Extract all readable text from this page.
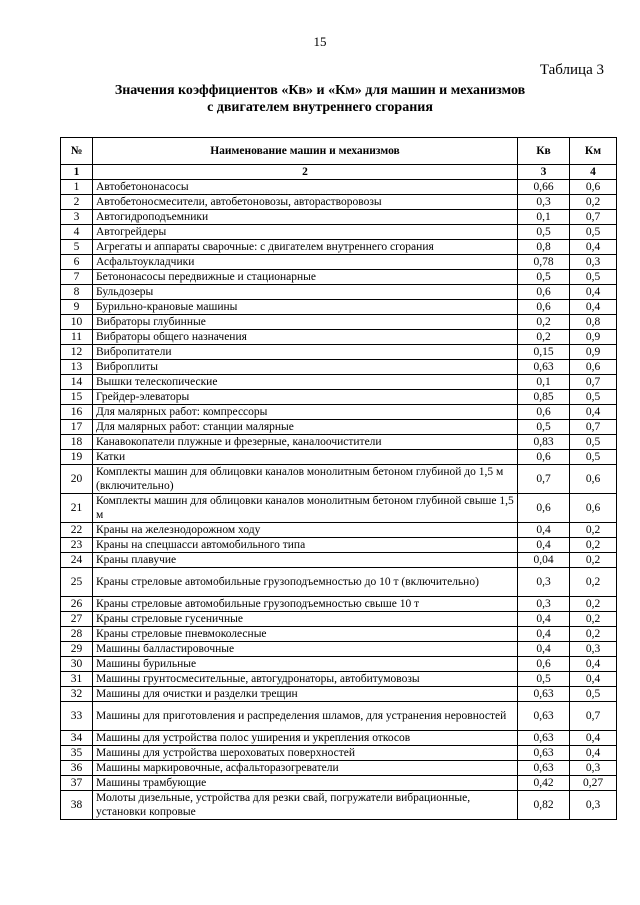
15
Таблица 3
Значения коэффициентов «Кв» и «Км» для машин и механизмов
с двигателем внутреннего сгорания
№	Наименование машин и механизмов	Кв	Км
1	2	3	4
1	Автобетононасосы	0,66	0,6
2	Автобетоносмесители, автобетоновозы, авторастворовозы	0,3	0,2
3	Автогидроподъемники	0,1	0,7
4	Автогрейдеры	0,5	0,5
5	Агрегаты и аппараты сварочные: с двигателем внутреннего сгорания	0,8	0,4
6	Асфальтоукладчики	0,78	0,3
7	Бетононасосы передвижные и стационарные	0,5	0,5
8	Бульдозеры	0,6	0,4
9	Бурильно-крановые машины	0,6	0,4
10	Вибраторы глубинные	0,2	0,8
11	Вибраторы общего назначения	0,2	0,9
12	Вибропитатели	0,15	0,9
13	Виброплиты	0,63	0,6
14	Вышки телескопические	0,1	0,7
15	Грейдер-элеваторы	0,85	0,5
16	Для малярных работ: компрессоры	0,6	0,4
17	Для малярных работ: станции малярные	0,5	0,7
18	Канавокопатели плужные и фрезерные, каналоочистители	0,83	0,5
19	Катки	0,6	0,5
20	Комплекты машин для облицовки каналов монолитным бетоном глубиной до 1,5 м (включительно)	0,7	0,6
21	Комплекты машин для облицовки каналов монолитным бетоном глубиной свыше 1,5 м	0,6	0,6
22	Краны на железнодорожном ходу	0,4	0,2
23	Краны на спецшасси автомобильного типа	0,4	0,2
24	Краны плавучие	0,04	0,2
25	Краны стреловые автомобильные грузоподъемностью до 10 т (включительно)	0,3	0,2
26	Краны стреловые автомобильные грузоподъемностью свыше 10 т	0,3	0,2
27	Краны стреловые гусеничные	0,4	0,2
28	Краны стреловые пневмоколесные	0,4	0,2
29	Машины балластировочные	0,4	0,3
30	Машины бурильные	0,6	0,4
31	Машины грунтосмесительные, автогудронаторы, автобитумовозы	0,5	0,4
32	Машины для очистки и разделки трещин	0,63	0,5
33	Машины для приготовления и распределения шламов, для устранения неровностей	0,63	0,7
34	Машины для устройства полос уширения и укрепления откосов	0,63	0,4
35	Машины для устройства шероховатых поверхностей	0,63	0,4
36	Машины маркировочные, асфальторазогреватели	0,63	0,3
37	Машины трамбующие	0,42	0,27
38	Молоты дизельные, устройства для резки свай, погружатели вибрационные, установки копровые	0,82	0,3
